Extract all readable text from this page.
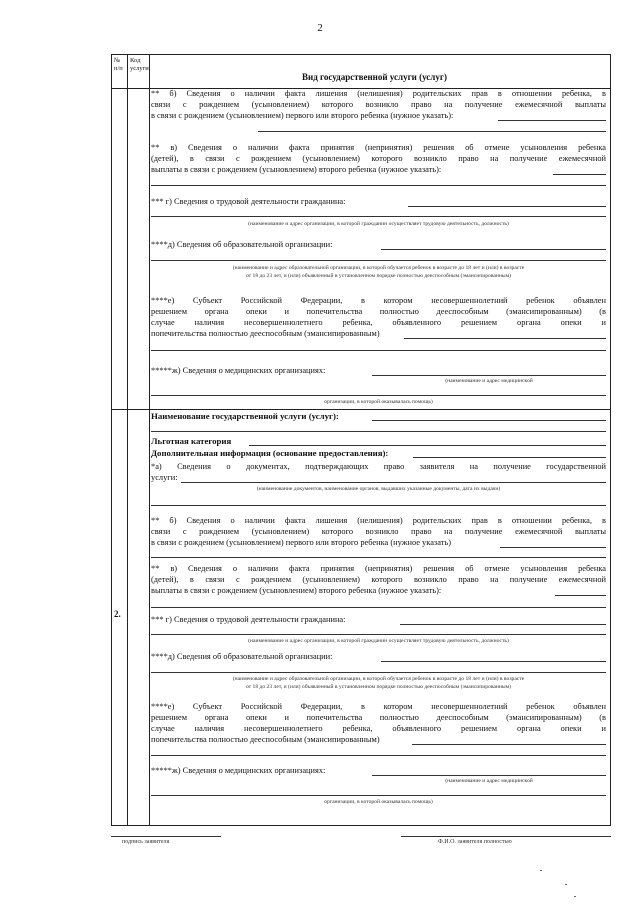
2
№ п/п
Код услуги
Вид государственной услуги (услуг)
** б) Сведения о наличии факта лишения (нелишения) родительских прав в отношении ребенка, в
связи с рождением (усыновлением) которого возникло право на получение ежемесячной выплаты
в связи с рождением (усыновлением) первого или второго ребенка (нужное указать):
** в) Сведения о наличии факта принятия (непринятия) решения об отмене усыновления ребенка
(детей), в связи с рождением (усыновлением) которого возникло право на получение ежемесячной
выплаты в связи с рождением (усыновлением) второго ребенка (нужное указать):
*** г) Сведения о трудовой деятельности гражданина:
(наименование и адрес организации, в которой гражданин осуществляет трудовую деятельность, должность)
****д) Сведения об образовательной организации:
(наименование и адрес образовательной организации, в которой обучается ребенок в возрасте до 18 лет и (или) в возрасте
от 18 до 23 лет, и (или) объявленный в установленном порядке полностью дееспособным (эмансипированным)
****е) Субъект Российской Федерации, в котором несовершеннолетний ребенок объявлен
решением органа опеки и попечительства полностью дееспособным (эмансипированным) (в
случае наличия несовершеннолетнего ребенка, объявленного решением органа опеки и
попечительства полностью дееспособным (эмансипированным)
*****ж) Сведения о медицинских организациях:
(наименование и адрес медицинской
организации, в которой оказывалась помощь)
2.
Наименование государственной услуги (услуг):
Льготная категория
Дополнительная информация (основание предоставления):
*а) Сведения о документах, подтверждающих право заявителя на получение государственной
услуги:
(наименование документов, наименование органов, выдавших указанные документы, дата их выдачи)
** б) Сведения о наличии факта лишения (нелишения) родительских прав в отношении ребенка, в
связи с рождением (усыновлением) которого возникло право на получение ежемесячной выплаты
в связи с рождением (усыновлением) первого или второго ребенка (нужное указать)
** в) Сведения о наличии факта принятия (непринятия) решения об отмене усыновления ребенка
(детей), в связи с рождением (усыновлением) которого возникло право на получение ежемесячной
выплаты в связи с рождением (усыновлением) второго ребенка (нужное указать):
*** г) Сведения о трудовой деятельности гражданина:
(наименование и адрес организации, в которой гражданин осуществляет трудовую деятельность, должность)
****д) Сведения об образовательной организации:
(наименование и адрес образовательной организации, в которой обучается ребенок в возрасте до 18 лет и (или) в возрасте
от 18 до 23 лет, и (или) объявленный в установленном порядке полностью дееспособным (эмансипированным)
****е) Субъект Российской Федерации, в котором несовершеннолетний ребенок объявлен
решением органа опеки и попечительства полностью дееспособным (эмансипированным) (в
случае наличия несовершеннолетнего ребенка, объявленного решением органа опеки и
попечительства полностью дееспособным (эмансипированным)
*****ж) Сведения о медицинских организациях:
(наименование и адрес медицинской
организации, в которой оказывалась помощь)
подпись заявителя	Ф.И.О. заявителя полностью
